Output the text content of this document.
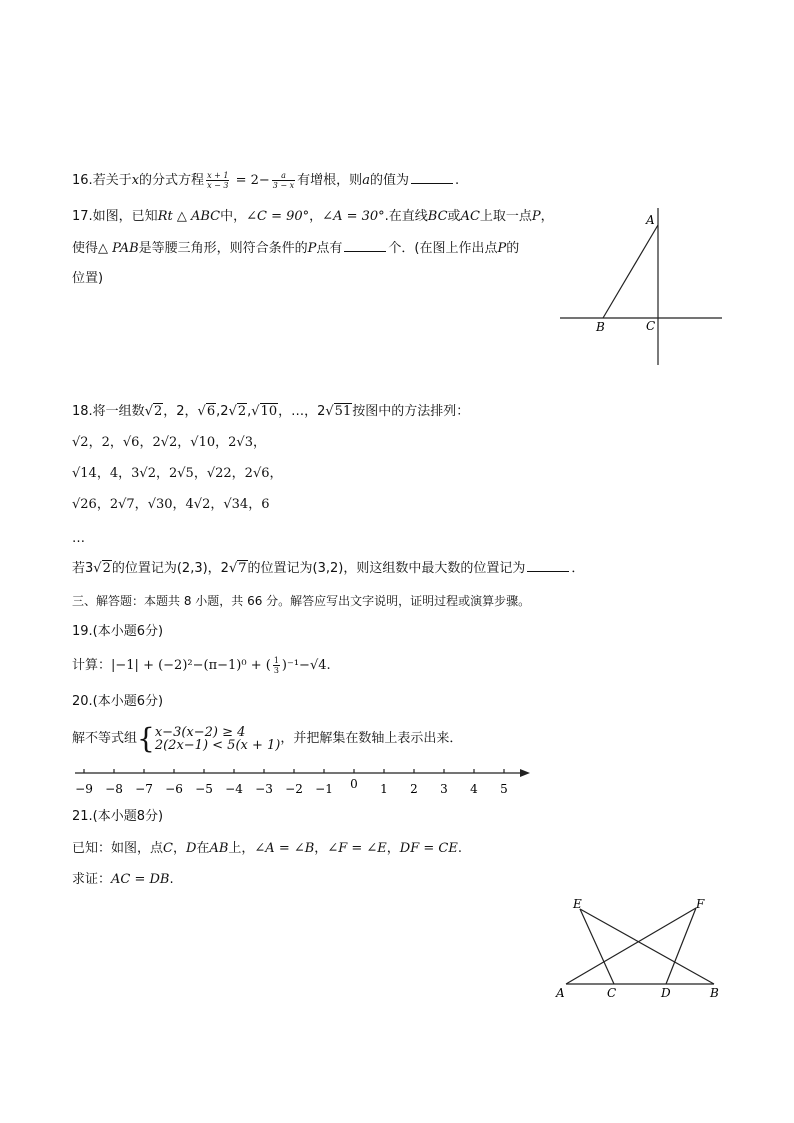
16.若关于x的分式方程 $\frac{x + 1}{x - 3} = 2- \frac{a}{3 - x}$ 有增根，则a的值为	.
17.如图，已知Rt △ ABC中，∠C = 90°，∠A = 30°.在直线BC或AC上取一点P，
使得△ PAB是等腰三角形，则符合条件的P点有	个．(在图上作出点P的
位置)
A
B	C
18.将一组数√2，2，√6,2√2,√10，…，2√51按图中的方法排列：
√2，2，√6，2√2，√10，2√3，
√14，4，3√2，2√5，√22，2√6，
√26，2√7，√30，4√2，√34，6
…
若3√2的位置记为(2,3)，2√7的位置记为(3,2)，则这组数中最大数的位置记为	．
三、解答题：本题共 8 小题，共 66 分。解答应写出文字说明，证明过程或演算步骤。
19.(本小题6分)
计算：|−1| + (−2)²−(π−1)⁰ + ( $\frac{1}{3} )^{-1}-√4$.
20.(本小题6分)
解不等式组{ x−3(x−2) ≥ 4
2(2x−1) < 5(x + 1) ，并把解集在数轴上表示出来．
−9 −8 −7 −6 −5 −4 −3 −2 −1 0 1 2 3 4 5
21.(本小题8分)
已知：如图，点C，D在AB上，∠A = ∠B，∠F = ∠E，DF = CE.
求证：AC = DB.
E	F
A	C	D	B
